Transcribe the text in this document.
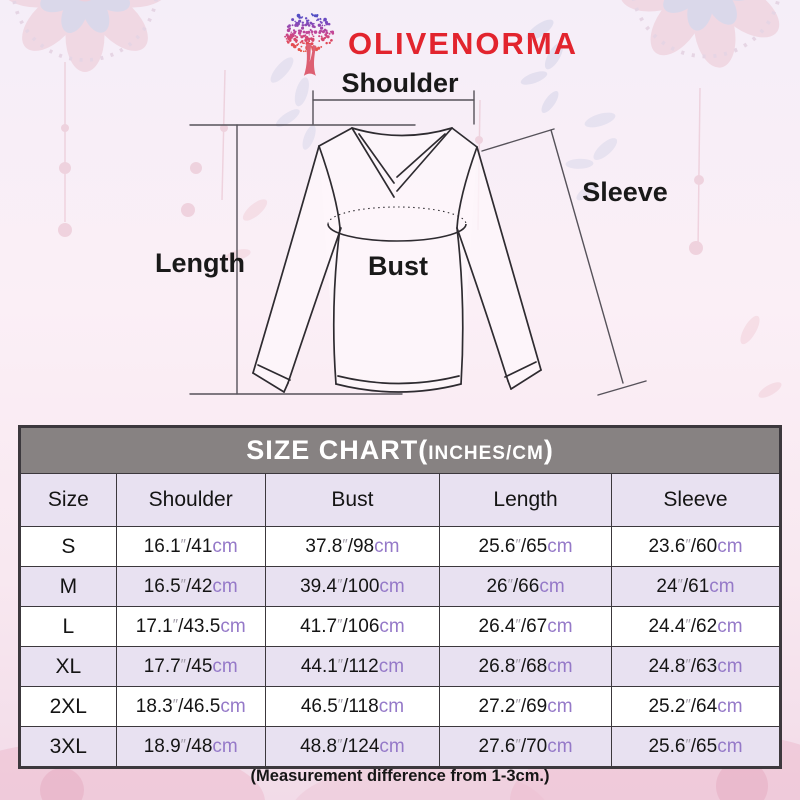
OLIVENORMA
Shoulder
Sleeve
Length	Bust
SIZE CHART(INCHES/CM)				
Size	Shoulder	Bust	Length	Sleeve
S	16.1″/41cm	37.8″/98cm	25.6″/65cm	23.6″/60cm
M	16.5″/42cm	39.4″/100cm	26″/66cm	24″/61cm
L	17.1″/43.5cm	41.7″/106cm	26.4″/67cm	24.4″/62cm
XL	17.7″/45cm	44.1″/112cm	26.8″/68cm	24.8″/63cm
2XL	18.3″/46.5cm	46.5″/118cm	27.2″/69cm	25.2″/64cm
3XL	18.9″/48cm	48.8″/124cm	27.6″/70cm	25.6″/65cm
(Measurement difference from 1-3cm.)
